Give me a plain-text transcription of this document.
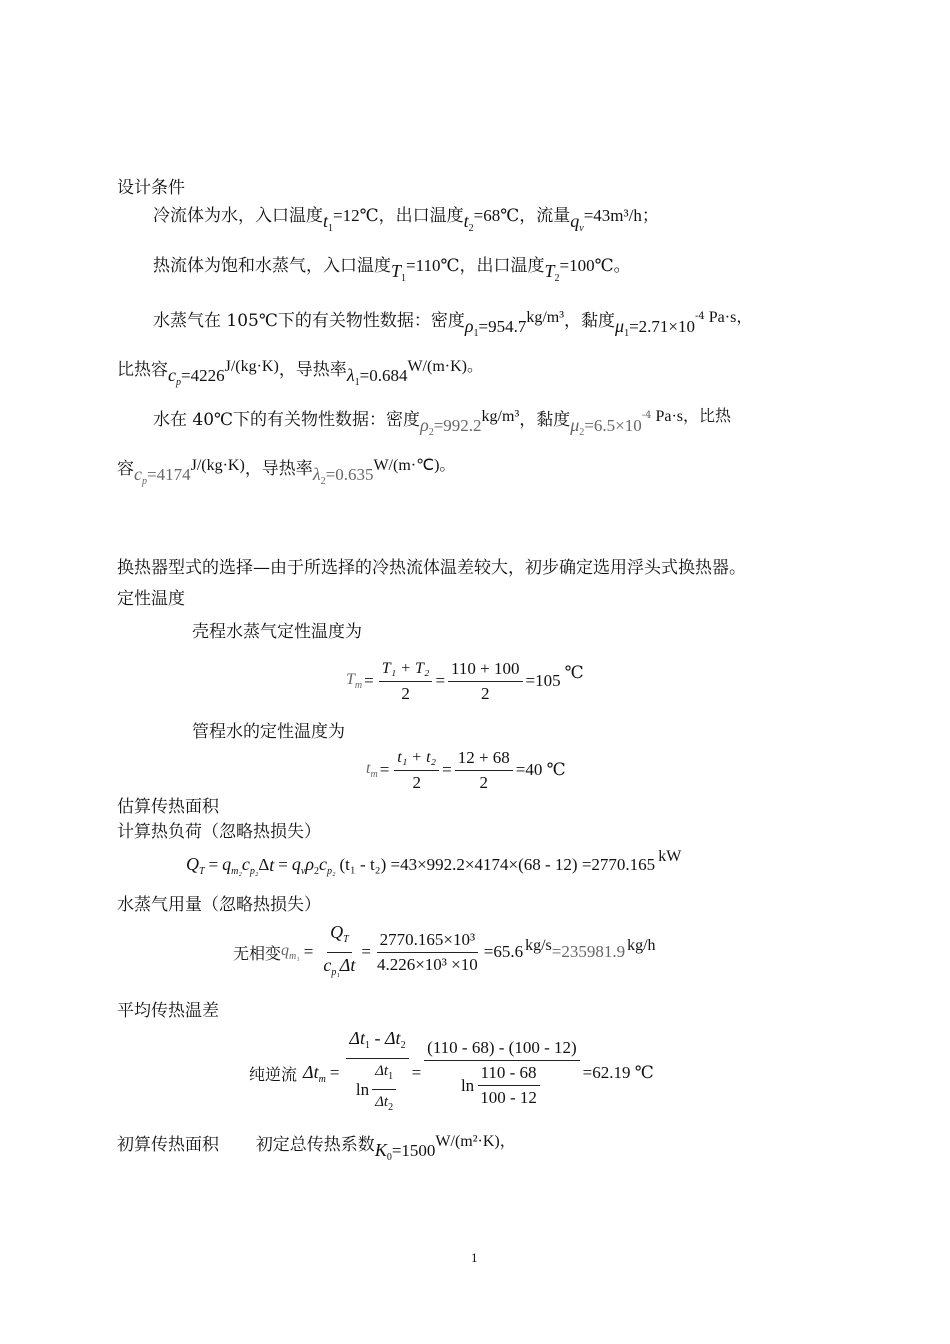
设计条件
冷流体为水，入口温度$t_1=12℃$，出口温度$t_2=68℃$，流量$q_v=43m^3/h$；
热流体为饱和水蒸气，入口温度$T_1=110℃$，出口温度$T_2=100℃$。
水蒸气在 105℃下的有关物性数据：密度$\rho_1=954.7kg/m^3$，黏度$\mu_1=2.71\times 10^{-4}$ Pa·s，
比热容$c_p=4226J/(kg\cdot K)$，导热率$\lambda_1=0.684W/(m\cdot K)$。
水在 40℃下的有关物性数据：密度$\rho_2=992.2kg/m^3$，黏度$\mu_2=6.5\times 10^{-4}$ Pa·s，比热
容$c_p=4174J/(kg\cdot K)$，导热率$\lambda_2=0.635W/(m\cdot℃)$。
换热器型式的选择—由于所选择的冷热流体温差较大，初步确定选用浮头式换热器。
定性温度
壳程水蒸气定性温度为
$T_m = \frac{\text{T₁ + T₂}}{2} = \frac{110 + 100}{2} =105$ ℃
管程水的定性温度为
$t_m = \frac{\text{t₁ + t₂}}{2} = \frac{12 + 68}{2} =40$ ℃
估算传热面积
计算热负荷（忽略热损失）
$Q_T = q_{m_2}c_{p_2}$ Δ $t = q_v\rho_2c_{p_2}$ (t₁ - t₂) =43×992.2×4174×(68 - 12) =2770.165 kW
水蒸气用量（忽略热损失）
无相变 $q_{m_1} = \frac{Q_T}{c_{p_1}\Delta t} = \frac{\text{2770.165×10³}}{\text{4.226×10³ ×10}} =65.6$ kg/s =235981.9 kg/h
平均传热温差
纯逆流 $\Delta t_m = \frac{\Delta t_1 - \Delta t_2}{\ln \frac{\Delta t_1}{\Delta t_2}} = \frac{(110 - 68) - (100 - 12)}{\ln \frac{110 - 68}{100 - 12}} =62.19$ ℃
初算传热面积 初定总传热系数$K_0=1500W/(m^2\cdot K)$，
1
